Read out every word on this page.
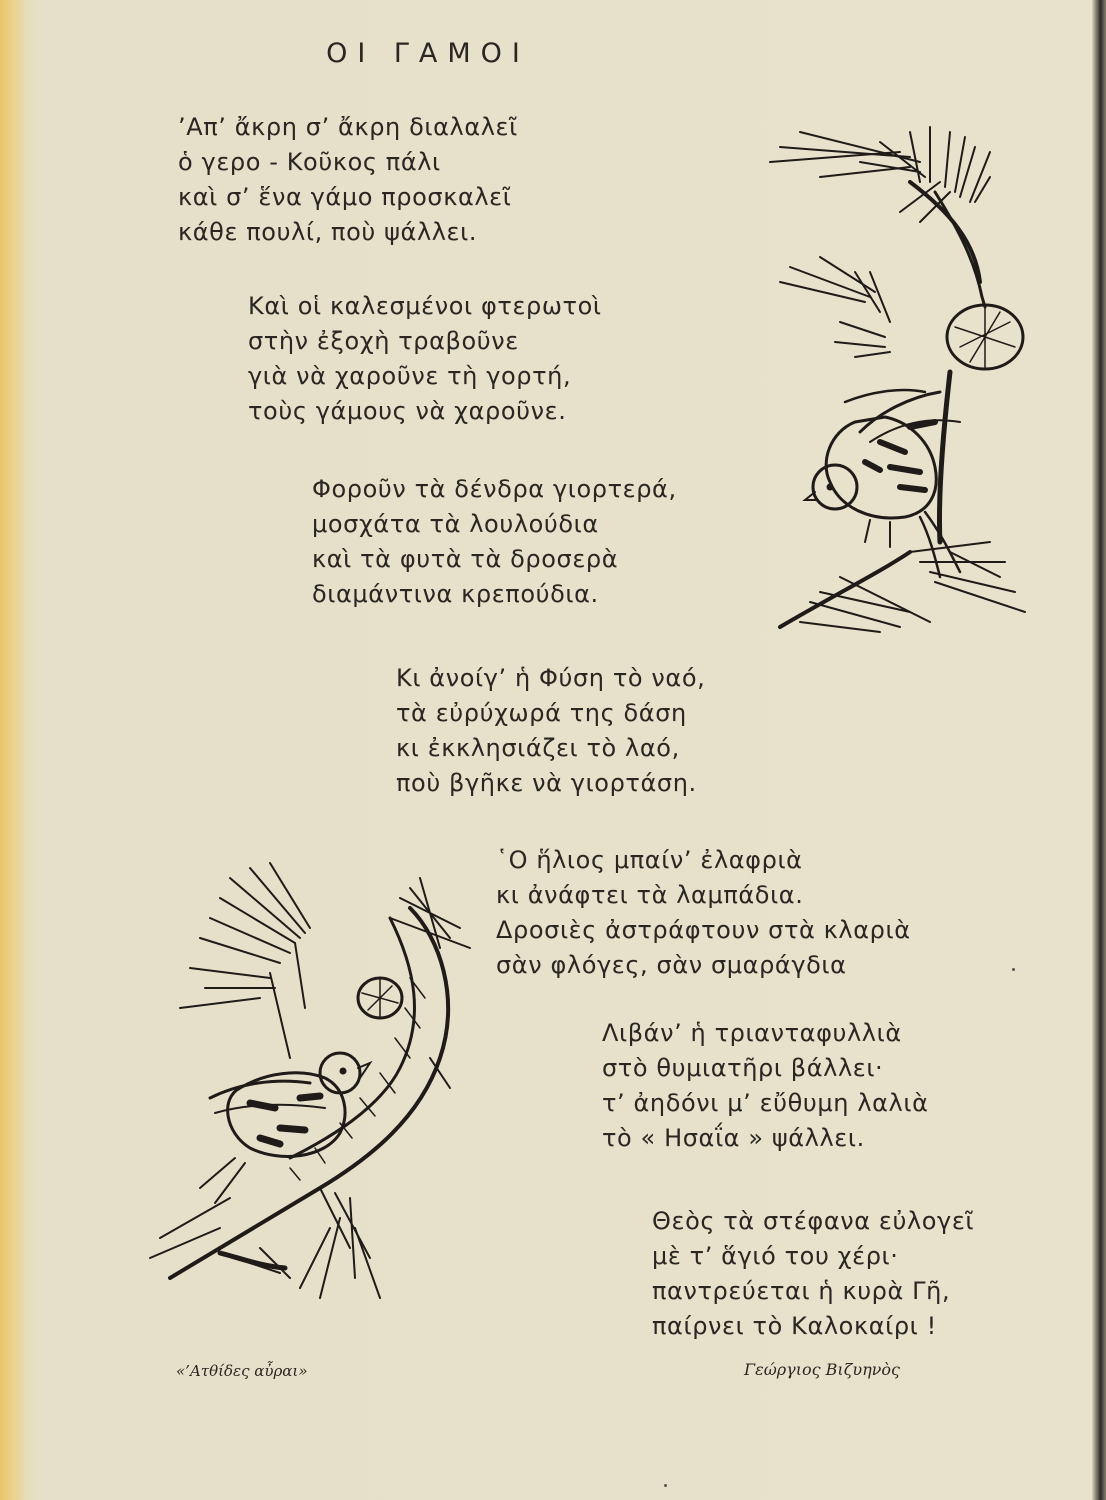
ΟΙ ΓΑΜΟΙ
’Απ’ ἄκρη σ’ ἄκρη διαλαλεῖ
ὁ γερο - Κοῦκος πάλι
καὶ σ’ ἕνα γάμο προσκαλεῖ
κάθε πουλί, ποὺ ψάλλει.
Καὶ οἱ καλεσμένοι φτερωτοὶ
στὴν ἐξοχὴ τραβοῦνε
γιὰ νὰ χαροῦνε τὴ γορτή,
τοὺς γάμους νὰ χαροῦνε.
Φοροῦν τὰ δένδρα γιορτερά,
μοσχάτα τὰ λουλούδια
καὶ τὰ φυτὰ τὰ δροσερὰ
διαμάντινα κρεπούδια.
Κι ἀνοίγ’ ἡ Φύση τὸ ναό,
τὰ εὐρύχωρά της δάση
κι ἐκκλησιάζει τὸ λαό,
ποὺ βγῆκε νὰ γιορτάση.
῾Ο ἥλιος μπαίν’ ἐλαφριὰ
κι ἀνάφτει τὰ λαμπάδια.
Δροσιὲς ἀστράφτουν στὰ κλαριὰ
σὰν φλόγες, σὰν σμαράγδια
Λιβάν’ ἡ τριανταφυλλιὰ
στὸ θυμιατῆρι βάλλει·
τ’ ἀηδόνι μ’ εὔθυμη λαλιὰ
τὸ « Ησαΐα » ψάλλει.
Θεὸς τὰ στέφανα εὐλογεῖ
μὲ τ’ ἅγιό του χέρι·
παντρεύεται ἡ κυρὰ Γῆ,
παίρνει τὸ Καλοκαίρι !
«’Ατθίδες αὖραι»	Γεώργιος Βιζυηνὸς
